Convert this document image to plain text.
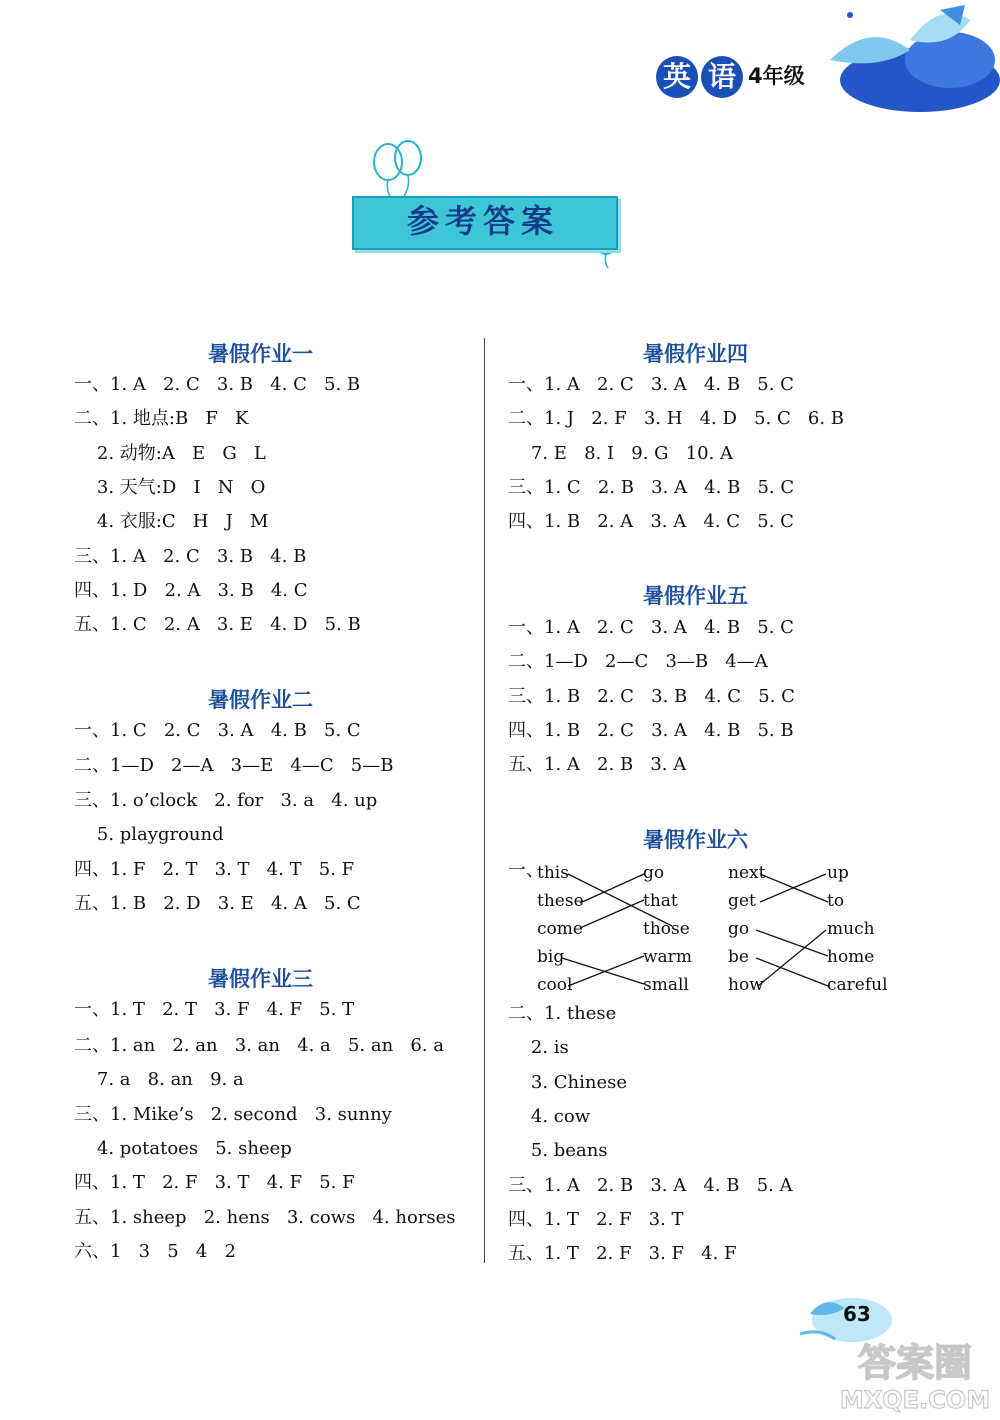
英 语 4年级
参考答案
暑假作业一
一、1. A   2. C   3. B   4. C   5. B
二、1. 地点:B   F   K
2. 动物:A   E   G   L
3. 天气:D   I   N   O
4. 衣服:C   H   J   M
三、1. A   2. C   3. B   4. B
四、1. D   2. A   3. B   4. C
五、1. C   2. A   3. E   4. D   5. B
暑假作业二
一、1. C   2. C   3. A   4. B   5. C
二、1—D   2—A   3—E   4—C   5—B
三、1. o’clock   2. for   3. a   4. up
5. playground
四、1. F   2. T   3. T   4. T   5. F
五、1. B   2. D   3. E   4. A   5. C
暑假作业三
一、1. T   2. T   3. F   4. F   5. T
二、1. an   2. an   3. an   4. a   5. an   6. a
7. a   8. an   9. a
三、1. Mike’s   2. second   3. sunny
4. potatoes   5. sheep
四、1. T   2. F   3. T   4. F   5. F
五、1. sheep   2. hens   3. cows   4. horses
六、1   3   5   4   2
暑假作业四
一、1. A   2. C   3. A   4. B   5. C
二、1. J   2. F   3. H   4. D   5. C   6. B
7. E   8. I   9. G   10. A
三、1. C   2. B   3. A   4. B   5. C
四、1. B   2. A   3. A   4. C   5. C
暑假作业五
一、1. A   2. C   3. A   4. B   5. C
二、1—D   2—C   3—B   4—A
三、1. B   2. C   3. B   4. C   5. C
四、1. B   2. C   3. A   4. B   5. B
五、1. A   2. B   3. A
暑假作业六
一、
this
these
come
big
cool
go
that
those
warm
small
next
get
go
be
how
up
to
much
home
careful
二、1. these
2. is
3. Chinese
4. cow
5. beans
三、1. A   2. B   3. A   4. B   5. A
四、1. T   2. F   3. T
五、1. T   2. F   3. F   4. F
63
答案圈
MXQE.COM
